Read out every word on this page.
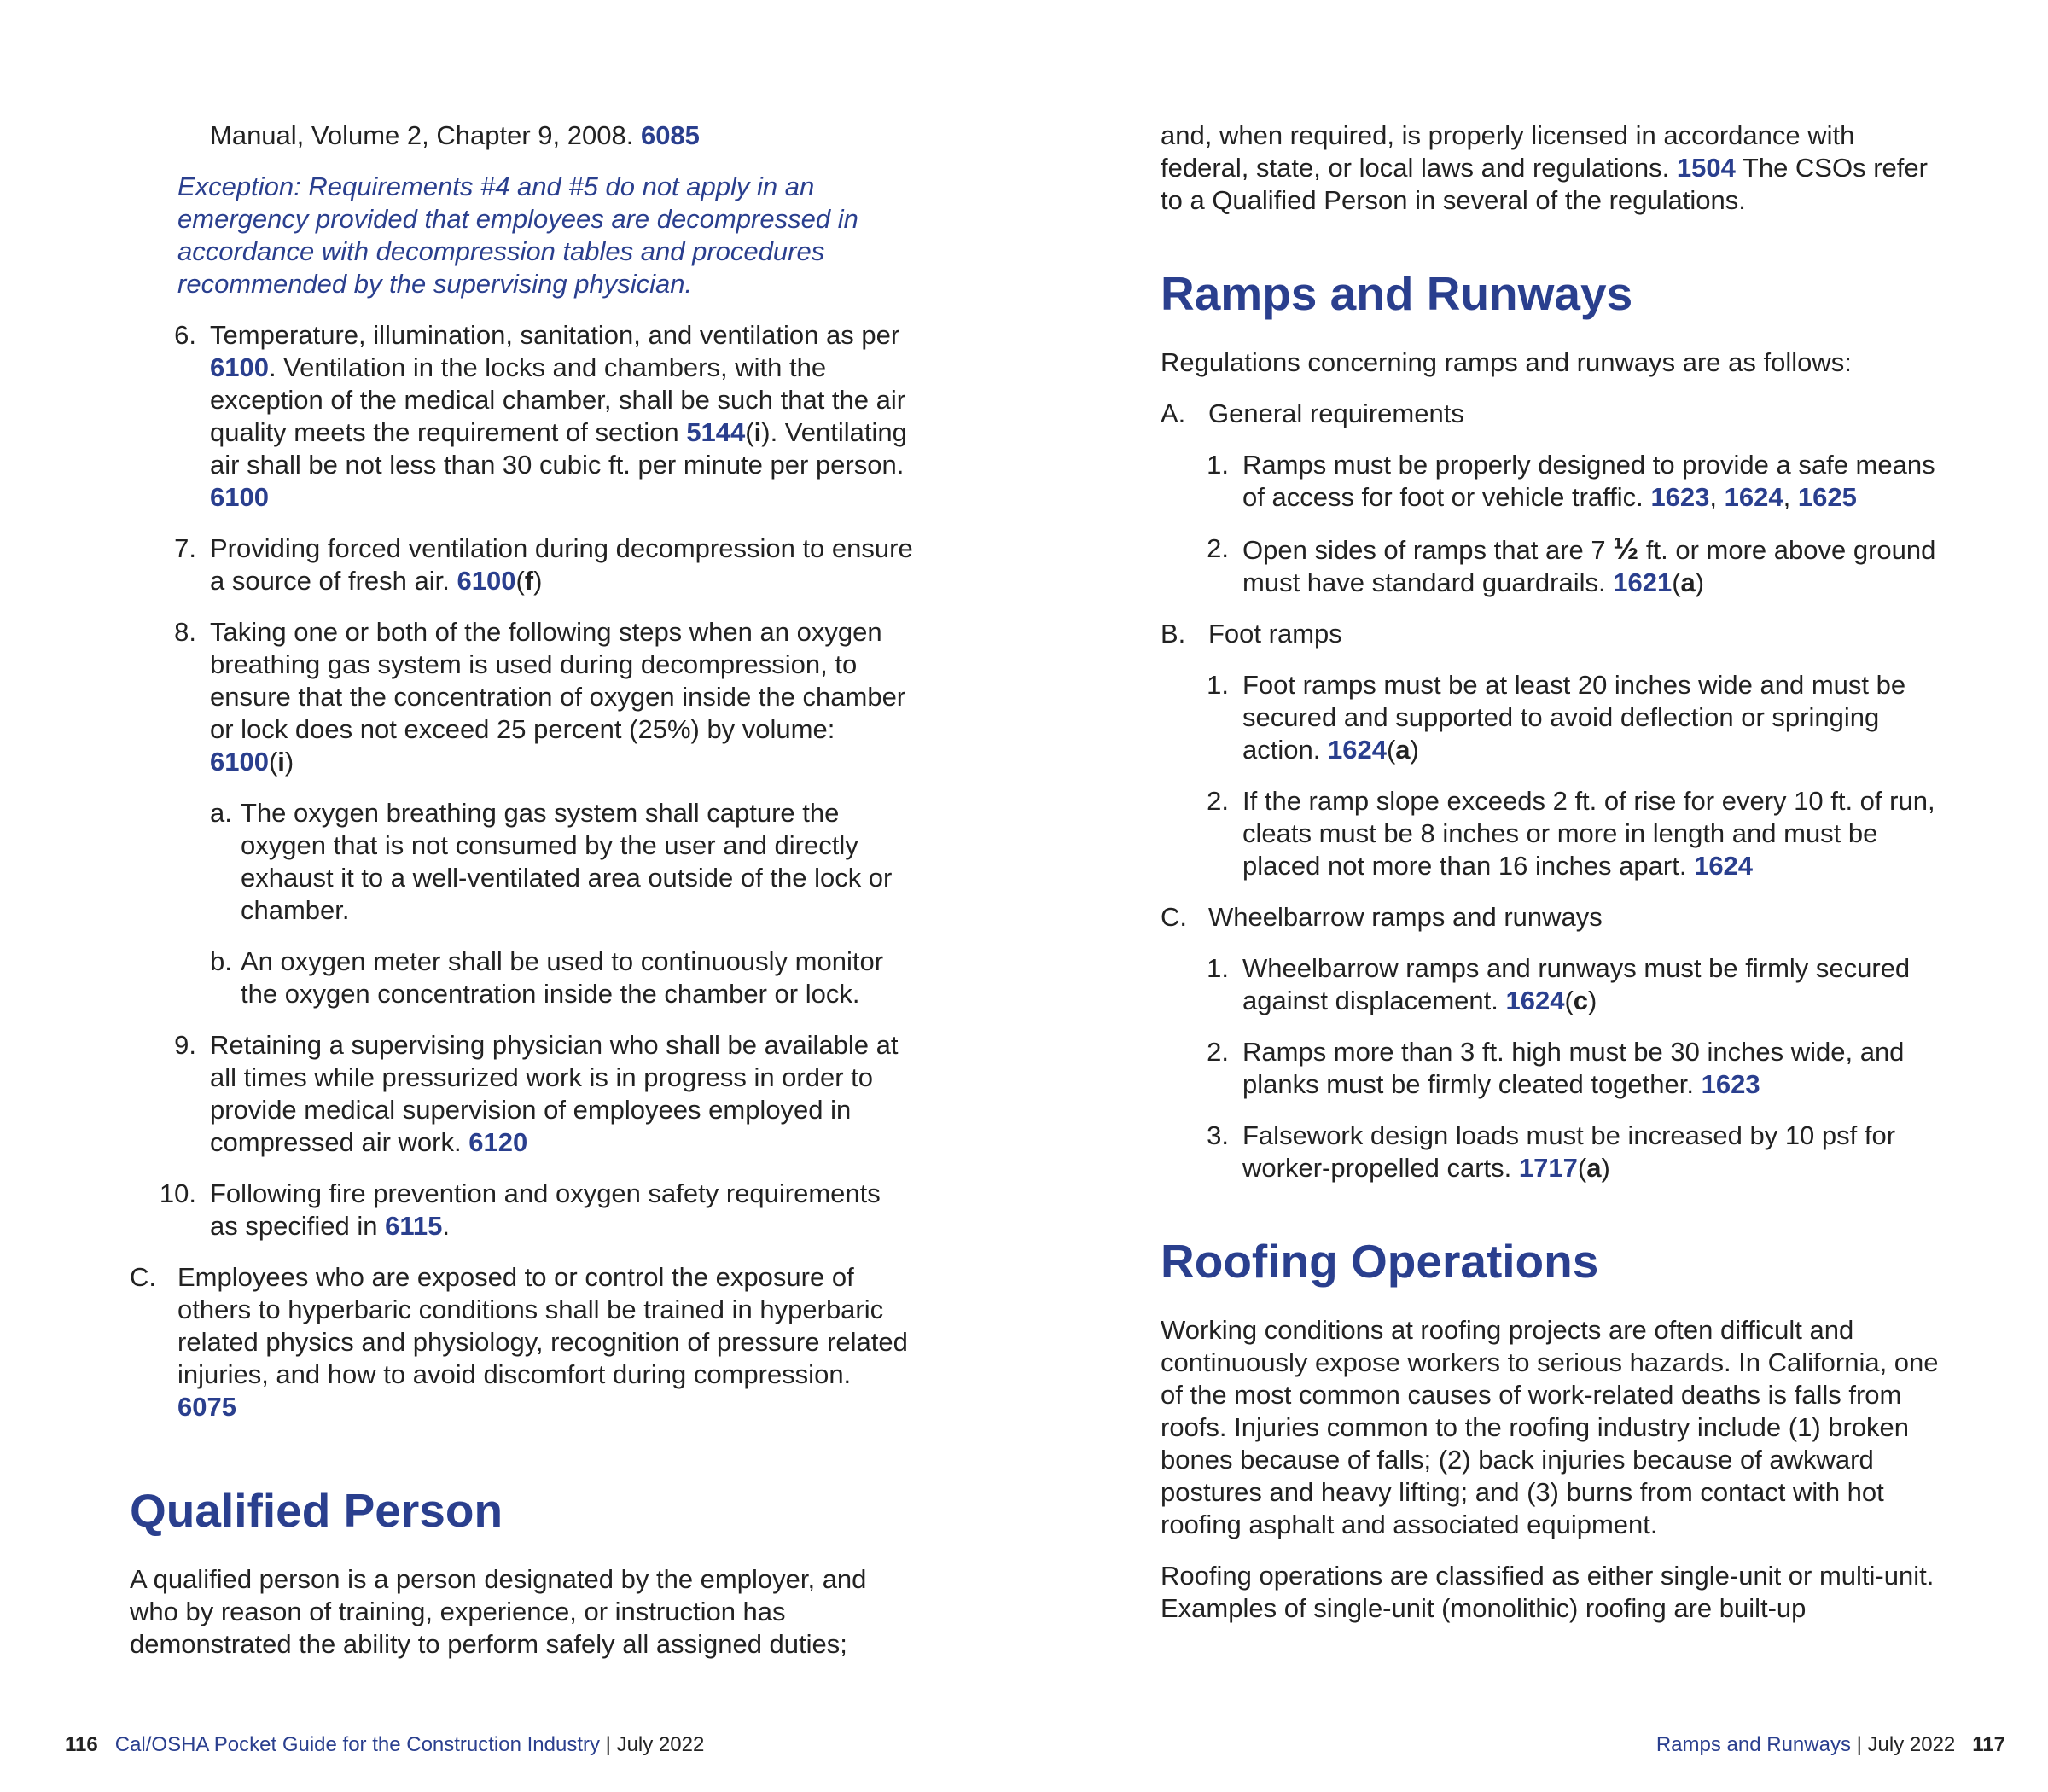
Manual, Volume 2, Chapter 9, 2008. 6085

Exception: Requirements #4 and #5 do not apply in an emergency provided that employees are decompressed in accordance with decompression tables and procedures recommended by the supervising physician.

6. Temperature, illumination, sanitation, and ventilation as per 6100. Ventilation in the locks and chambers, with the exception of the medical chamber, shall be such that the air quality meets the requirement of section 5144(i). Ventilating air shall be not less than 30 cubic ft. per minute per person. 6100
7. Providing forced ventilation during decompression to ensure a source of fresh air. 6100(f)
8. Taking one or both of the following steps when an oxygen breathing gas system is used during decompression, to ensure that the concentration of oxygen inside the chamber or lock does not exceed 25 percent (25%) by volume: 6100(i)
a. The oxygen breathing gas system shall capture the oxygen that is not consumed by the user and directly exhaust it to a well-ventilated area outside of the lock or chamber.
b. An oxygen meter shall be used to continuously monitor the oxygen concentration inside the chamber or lock.
9. Retaining a supervising physician who shall be available at all times while pressurized work is in progress in order to provide medical supervision of employees employed in compressed air work. 6120
10. Following fire prevention and oxygen safety requirements as specified in 6115.
C. Employees who are exposed to or control the exposure of others to hyperbaric conditions shall be trained in hyperbaric related physics and physiology, recognition of pressure related injuries, and how to avoid discomfort during compression. 6075
Qualified Person

A qualified person is a person designated by the employer, and who by reason of training, experience, or instruction has demonstrated the ability to perform safely all assigned duties;

and, when required, is properly licensed in accordance with federal, state, or local laws and regulations. 1504 The CSOs refer to a Qualified Person in several of the regulations.

Ramps and Runways

Regulations concerning ramps and runways are as follows:

A. General requirements
1. Ramps must be properly designed to provide a safe means of access for foot or vehicle traffic. 1623, 1624, 1625
2. Open sides of ramps that are 7 ½ ft. or more above ground must have standard guardrails. 1621(a)
B. Foot ramps
1. Foot ramps must be at least 20 inches wide and must be secured and supported to avoid deflection or springing action. 1624(a)
2. If the ramp slope exceeds 2 ft. of rise for every 10 ft. of run, cleats must be 8 inches or more in length and must be placed not more than 16 inches apart. 1624
C. Wheelbarrow ramps and runways
1. Wheelbarrow ramps and runways must be firmly secured against displacement. 1624(c)
2. Ramps more than 3 ft. high must be 30 inches wide, and planks must be firmly cleated together. 1623
3. Falsework design loads must be increased by 10 psf for worker-propelled carts. 1717(a)
Roofing Operations

Working conditions at roofing projects are often difficult and continuously expose workers to serious hazards. In California, one of the most common causes of work-related deaths is falls from roofs. Injuries common to the roofing industry include (1) broken bones because of falls; (2) back injuries because of awkward postures and heavy lifting; and (3) burns from contact with hot roofing asphalt and associated equipment.

Roofing operations are classified as either single-unit or multi-unit. Examples of single-unit (monolithic) roofing are built-up

116 Cal/OSHA Pocket Guide for the Construction Industry | July 2022	Ramps and Runways | July 2022 117
